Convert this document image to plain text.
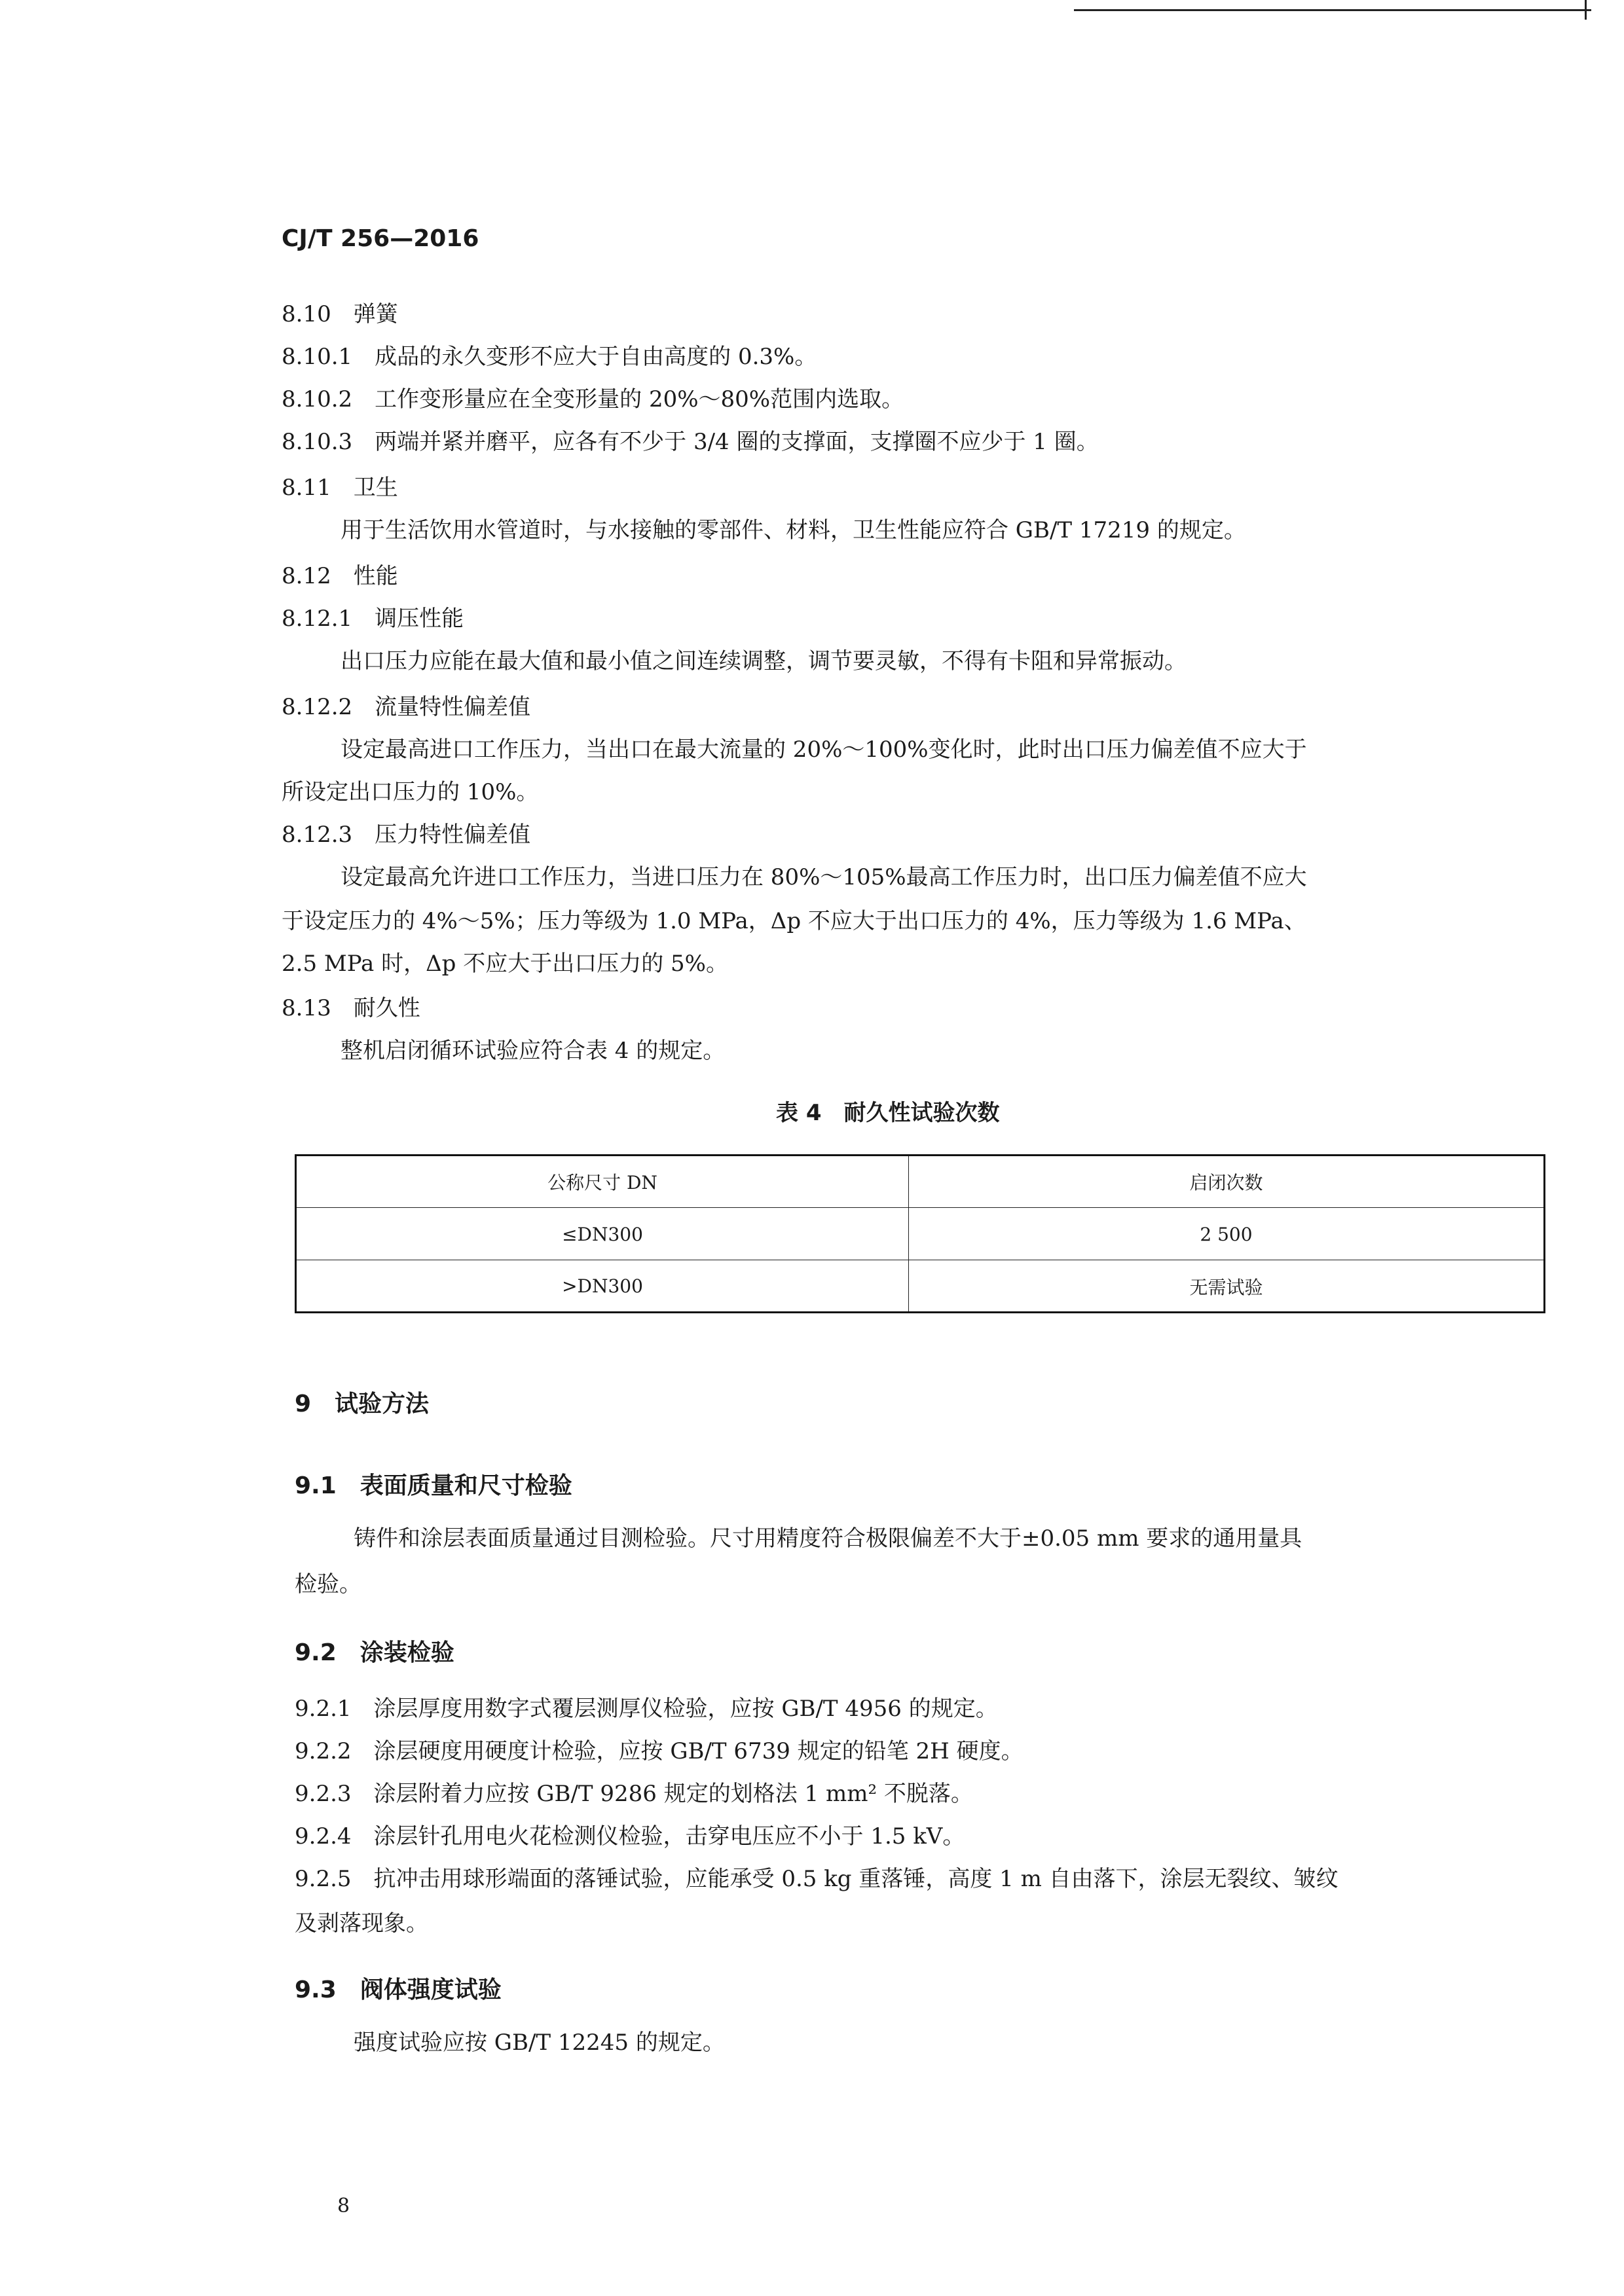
CJ/T 256—2016
8.10　弹簧
8.10.1　成品的永久变形不应大于自由高度的 0.3%。
8.10.2　工作变形量应在全变形量的 20%～80%范围内选取。
8.10.3　两端并紧并磨平，应各有不少于 3/4 圈的支撑面，支撑圈不应少于 1 圈。
8.11　卫生
用于生活饮用水管道时，与水接触的零部件、材料，卫生性能应符合 GB/T 17219 的规定。
8.12　性能
8.12.1　调压性能
出口压力应能在最大值和最小值之间连续调整，调节要灵敏，不得有卡阻和异常振动。
8.12.2　流量特性偏差值
设定最高进口工作压力，当出口在最大流量的 20%～100%变化时，此时出口压力偏差值不应大于
所设定出口压力的 10%。
8.12.3　压力特性偏差值
设定最高允许进口工作压力，当进口压力在 80%～105%最高工作压力时，出口压力偏差值不应大
于设定压力的 4%～5%；压力等级为 1.0 MPa，Δp 不应大于出口压力的 4%，压力等级为 1.6 MPa、
2.5 MPa 时，Δp 不应大于出口压力的 5%。
8.13　耐久性
整机启闭循环试验应符合表 4 的规定。
表 4　耐久性试验次数
公称尺寸 DN	启闭次数
≤DN300	2 500
>DN300	无需试验
9　试验方法
9.1　表面质量和尺寸检验
铸件和涂层表面质量通过目测检验。尺寸用精度符合极限偏差不大于±0.05 mm 要求的通用量具
检验。
9.2　涂装检验
9.2.1　涂层厚度用数字式覆层测厚仪检验，应按 GB/T 4956 的规定。
9.2.2　涂层硬度用硬度计检验，应按 GB/T 6739 规定的铅笔 2H 硬度。
9.2.3　涂层附着力应按 GB/T 9286 规定的划格法 1 mm² 不脱落。
9.2.4　涂层针孔用电火花检测仪检验，击穿电压应不小于 1.5 kV。
9.2.5　抗冲击用球形端面的落锤试验，应能承受 0.5 kg 重落锤，高度 1 m 自由落下，涂层无裂纹、皱纹
及剥落现象。
9.3　阀体强度试验
强度试验应按 GB/T 12245 的规定。
8
